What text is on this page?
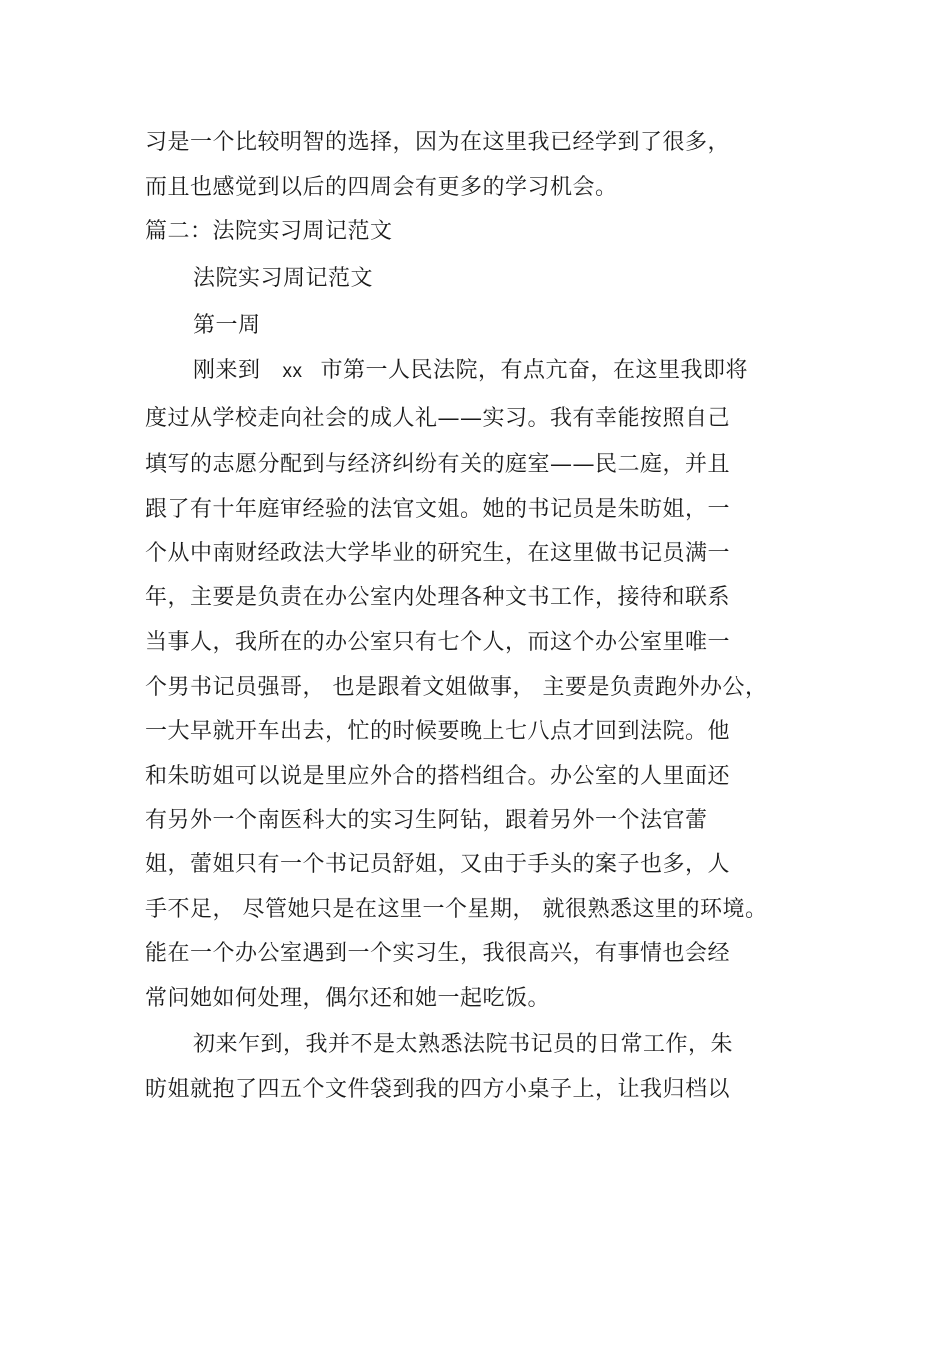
习是一个比较明智的选择，因为在这里我已经学到了很多，
而且也感觉到以后的四周会有更多的学习机会。
篇二：法院实习周记范文
法院实习周记范文
第一周
刚来到 xx 市第一人民法院，有点亢奋，在这里我即将
度过从学校走向社会的成人礼——实习。我有幸能按照自己
填写的志愿分配到与经济纠纷有关的庭室——民二庭，并且
跟了有十年庭审经验的法官文姐。她的书记员是朱昉姐，一
个从中南财经政法大学毕业的研究生，在这里做书记员满一
年，主要是负责在办公室内处理各种文书工作，接待和联系
当事人，我所在的办公室只有七个人，而这个办公室里唯一
个男书记员强哥， 也是跟着文姐做事， 主要是负责跑外办公，
一大早就开车出去，忙的时候要晚上七八点才回到法院。他
和朱昉姐可以说是里应外合的搭档组合。办公室的人里面还
有另外一个南医科大的实习生阿钻，跟着另外一个法官蕾
姐，蕾姐只有一个书记员舒姐，又由于手头的案子也多，人
手不足， 尽管她只是在这里一个星期， 就很熟悉这里的环境。
能在一个办公室遇到一个实习生，我很高兴，有事情也会经
常问她如何处理，偶尔还和她一起吃饭。
初来乍到，我并不是太熟悉法院书记员的日常工作，朱
昉姐就抱了四五个文件袋到我的四方小桌子上，让我归档以
